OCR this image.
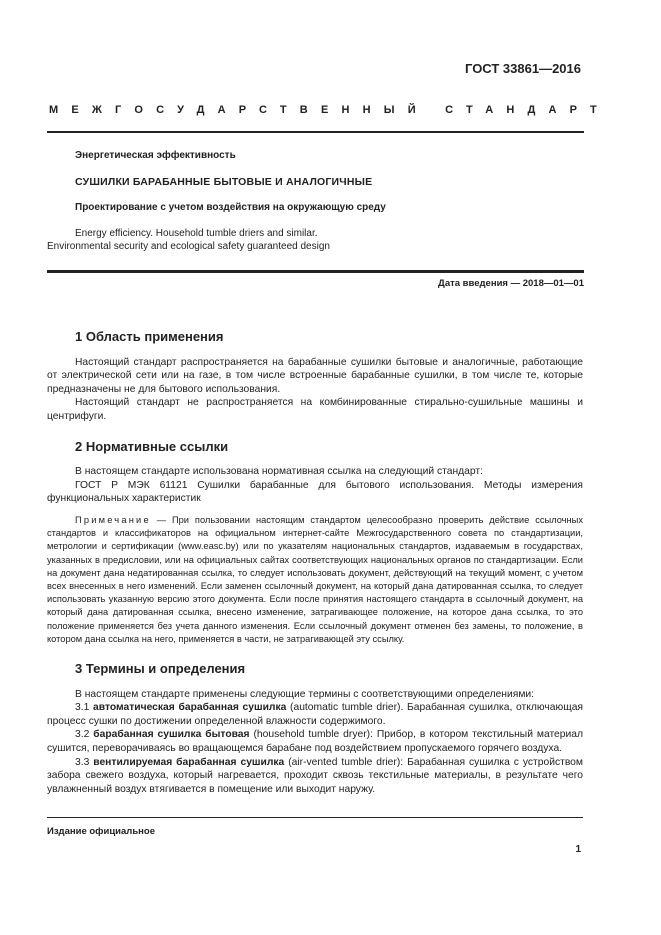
ГОСТ 33861—2016
МЕЖГОСУДАРСТВЕННЫЙ СТАНДАРТ

Энергетическая эффективность

СУШИЛКИ БАРАБАННЫЕ БЫТОВЫЕ И АНАЛОГИЧНЫЕ

Проектирование с учетом воздействия на окружающую среду

Energy efficiency. Household tumble driers and similar.
Environmental security and ecological safety guaranteed design

Дата введения — 2018—01—01
1 Область применения

Настоящий стандарт распространяется на барабанные сушилки бытовые и аналогичные, работающие от электрической сети или на газе, в том числе встроенные барабанные сушилки, в том числе те, которые предназначены не для бытового использования.

Настоящий стандарт не распространяется на комбинированные стирально-сушильные машины и центрифуги.

2 Нормативные ссылки

В настоящем стандарте использована нормативная ссылка на следующий стандарт:

ГОСТ Р МЭК 61121 Сушилки барабанные для бытового использования. Методы измерения функциональных характеристик

Примечание — При пользовании настоящим стандартом целесообразно проверить действие ссылочных стандартов и классификаторов на официальном интернет-сайте Межгосударственного совета по стандартизации, метрологии и сертификации (www.easc.by) или по указателям национальных стандартов, издаваемым в государствах, указанных в предисловии, или на официальных сайтах соответствующих национальных органов по стандартизации. Если на документ дана недатированная ссылка, то следует использовать документ, действующий на текущий момент, с учетом всех внесенных в него изменений. Если заменен ссылочный документ, на который дана датированная ссылка, то следует использовать указанную версию этого документа. Если после принятия настоящего стандарта в ссылочный документ, на который дана датированная ссылка, внесено изменение, затрагивающее положение, на которое дана ссылка, то это положение применяется без учета данного изменения. Если ссылочный документ отменен без замены, то положение, в котором дана ссылка на него, применяется в части, не затрагивающей эту ссылку.

3 Термины и определения

В настоящем стандарте применены следующие термины с соответствующими определениями:

3.1 автоматическая барабанная сушилка (automatic tumble drier). Барабанная сушилка, отключающая процесс сушки по достижении определенной влажности содержимого.

3.2 барабанная сушилка бытовая (household tumble dryer): Прибор, в котором текстильный материал сушится, переворачиваясь во вращающемся барабане под воздействием пропускаемого горячего воздуха.

3.3 вентилируемая барабанная сушилка (air-vented tumble drier): Барабанная сушилка с устройством забора свежего воздуха, который нагревается, проходит сквозь текстильные материалы, в результате чего увлажненный воздух втягивается в помещение или выходит наружу.

Издание официальное
1
